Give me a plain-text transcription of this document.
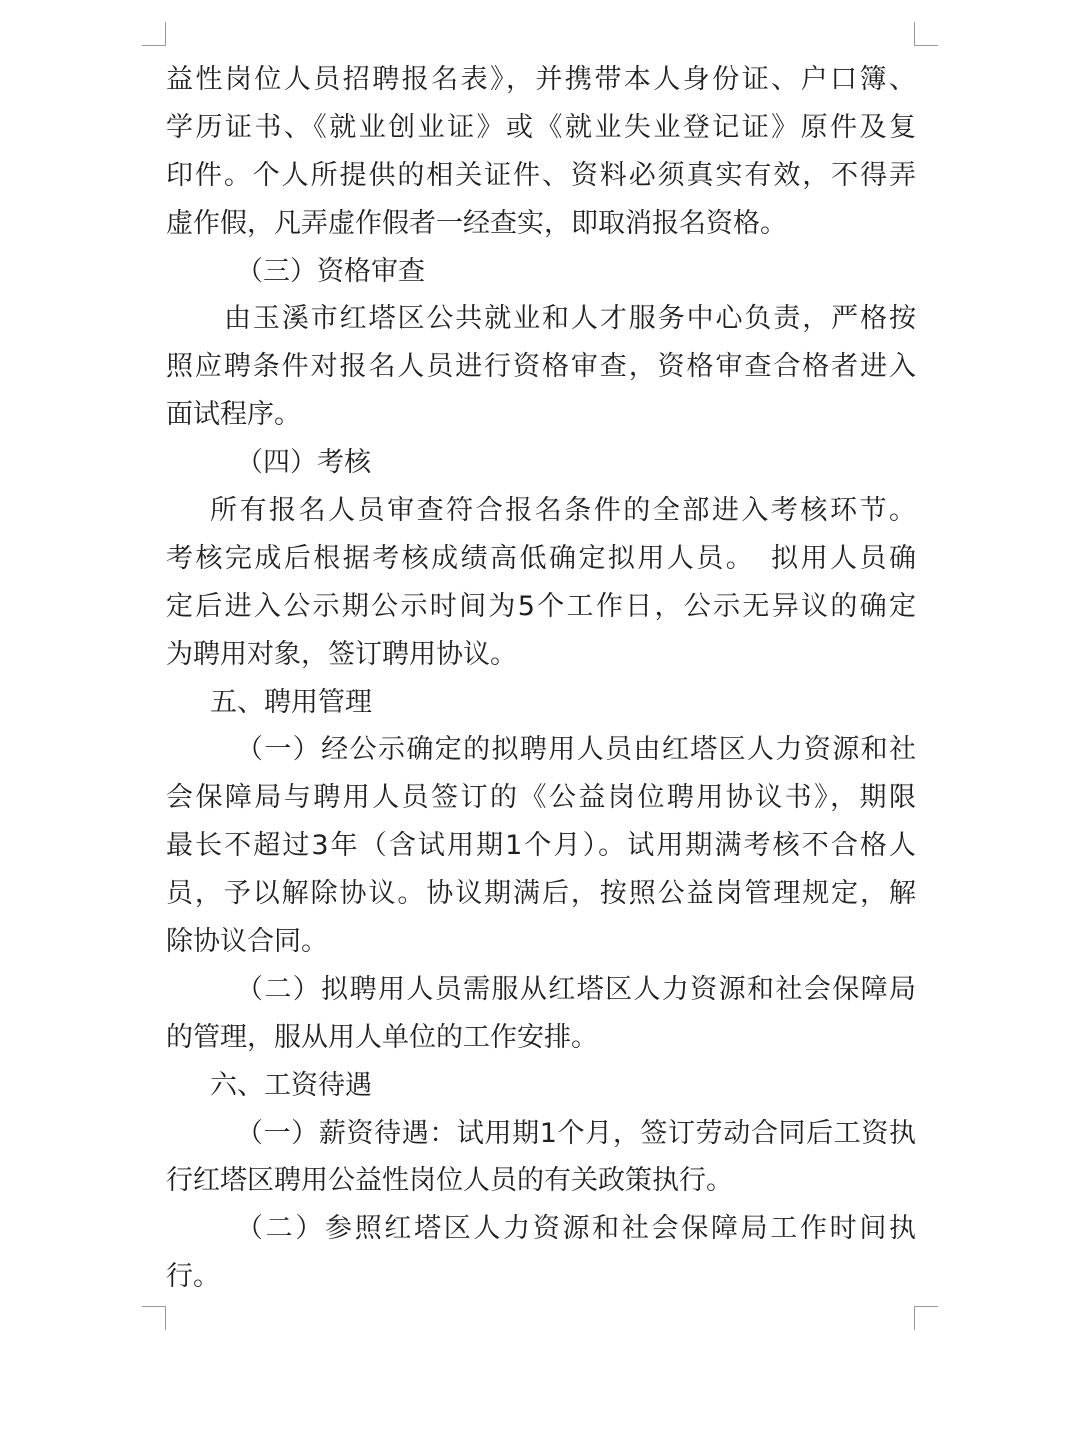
益性岗位人员招聘报名表》，并携带本人身份证、户口簿、
学历证书、《就业创业证》或《就业失业登记证》原件及复
印件。个人所提供的相关证件、资料必须真实有效，不得弄
虚作假，凡弄虚作假者一经查实，即取消报名资格。
（三）资格审查
由玉溪市红塔区公共就业和人才服务中心负责，严格按
照应聘条件对报名人员进行资格审查，资格审查合格者进入
面试程序。
（四）考核
所有报名人员审查符合报名条件的全部进入考核环节。
考核完成后根据考核成绩高低确定拟用人员。　拟用人员确
定后进入公示期公示时间为5个工作日，公示无异议的确定
为聘用对象，签订聘用协议。
五、聘用管理
（一）经公示确定的拟聘用人员由红塔区人力资源和社
会保障局与聘用人员签订的《公益岗位聘用协议书》，期限
最长不超过3年（含试用期1个月）。试用期满考核不合格人
员，予以解除协议。协议期满后，按照公益岗管理规定，解
除协议合同。
（二）拟聘用人员需服从红塔区人力资源和社会保障局
的管理，服从用人单位的工作安排。
六、工资待遇
（一）薪资待遇：试用期1个月，签订劳动合同后工资执
行红塔区聘用公益性岗位人员的有关政策执行。
（二）参照红塔区人力资源和社会保障局工作时间执
行。
